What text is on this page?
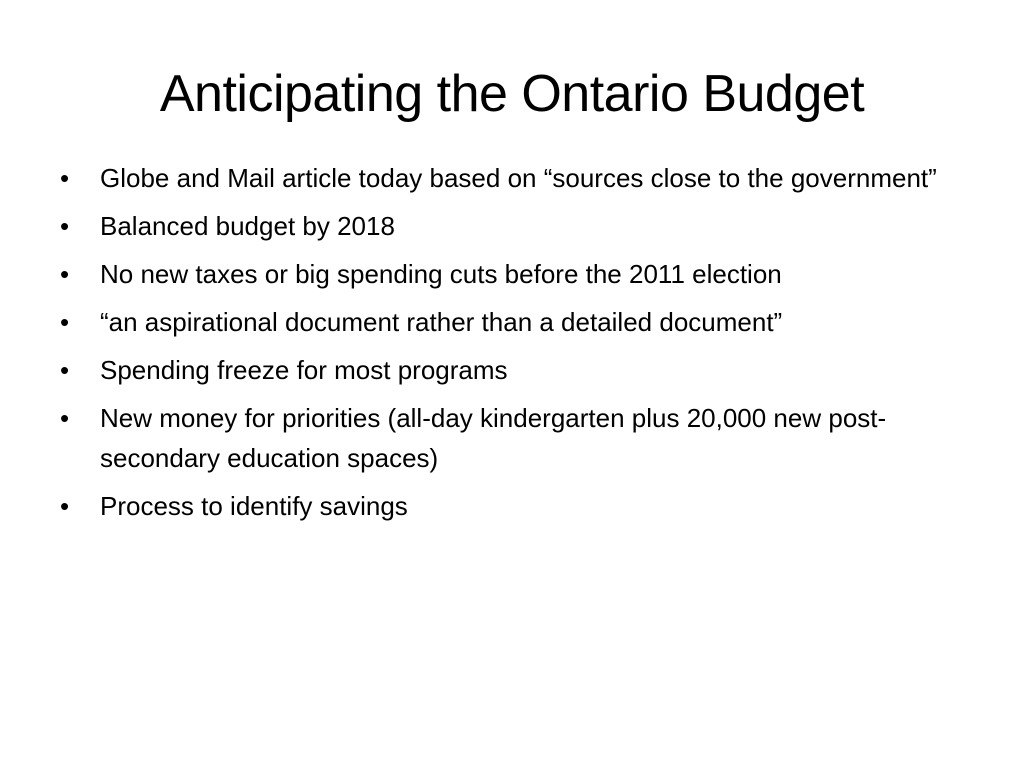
Anticipating the Ontario Budget
• Globe and Mail article today based on “sources close to the government”
• Balanced budget by 2018
• No new taxes or big spending cuts before the 2011 election
• “an aspirational document rather than a detailed document”
• Spending freeze for most programs
• New money for priorities (all-day kindergarten plus 20,000 new post-secondary education spaces)
• Process to identify savings
